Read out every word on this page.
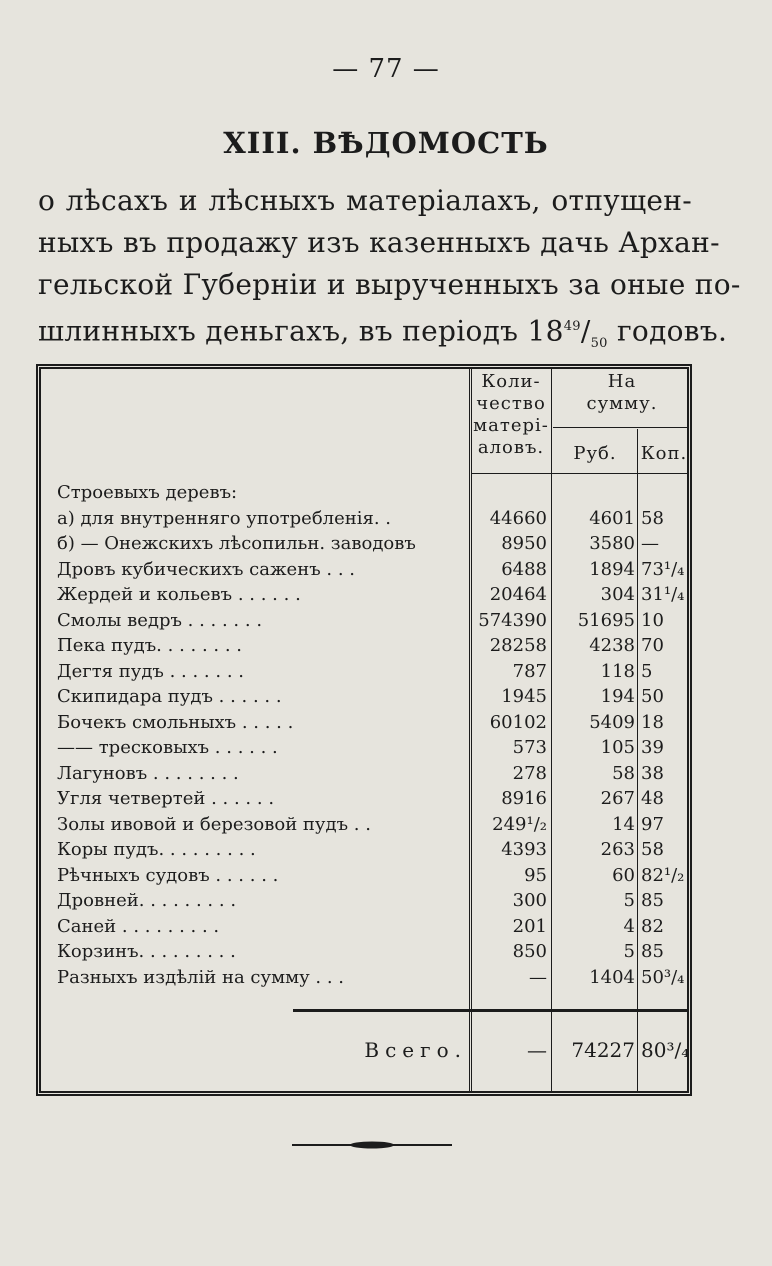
— 77 —
XIII. ВѢДОМОСТЬ
о лѣсахъ и лѣсныхъ матеріалахъ, отпущен-
ныхъ въ продажу изъ казенныхъ дачь Архан-
гельской Губерніи и вырученныхъ за оные по-
шлинныхъ деньгахъ, въ періодъ $18^{49}/_{50}$ годовъ.
Коли-
чество
матері-
аловъ.
На
сумму.
Руб.	Коп.
Строевыхъ деревъ:
а) для внутренняго употребленія. .	44660	4601 58
б) — Онежскихъ лѣсопильн. заводовъ	8950	3580 —
Дровъ кубическихъ саженъ . . .	6488	1894 73¹/₄
Жердей и кольевъ . . . . . .	20464	304 31¹/₄
Смолы ведръ . . . . . . .	574390	51695 10
Пека пудъ. . . . . . . .	28258	4238 70
Дегтя пудъ . . . . . . .	787	118 5
Скипидара пудъ . . . . . .	1945	194 50
Бочекъ смольныхъ . . . . .	60102	5409 18
—— тресковыхъ . . . . . .	573	105 39
Лагуновъ . . . . . . . .	278	58 38
Угля четвертей . . . . . .	8916	267 48
Золы ивовой и березовой пудъ . .	249¹/₂	14 97
Коры пудъ. . . . . . . . .	4393	263 58
Рѣчныхъ судовъ . . . . . .	95	60 82¹/₂
Дровней. . . . . . . . .	300	5 85
Саней . . . . . . . . .	201	4 82
Корзинъ. . . . . . . . .	850	5 85
Разныхъ издѣлій на сумму . . .	—	1404 50³/₄
Всего.	—	74227 80³/₄
